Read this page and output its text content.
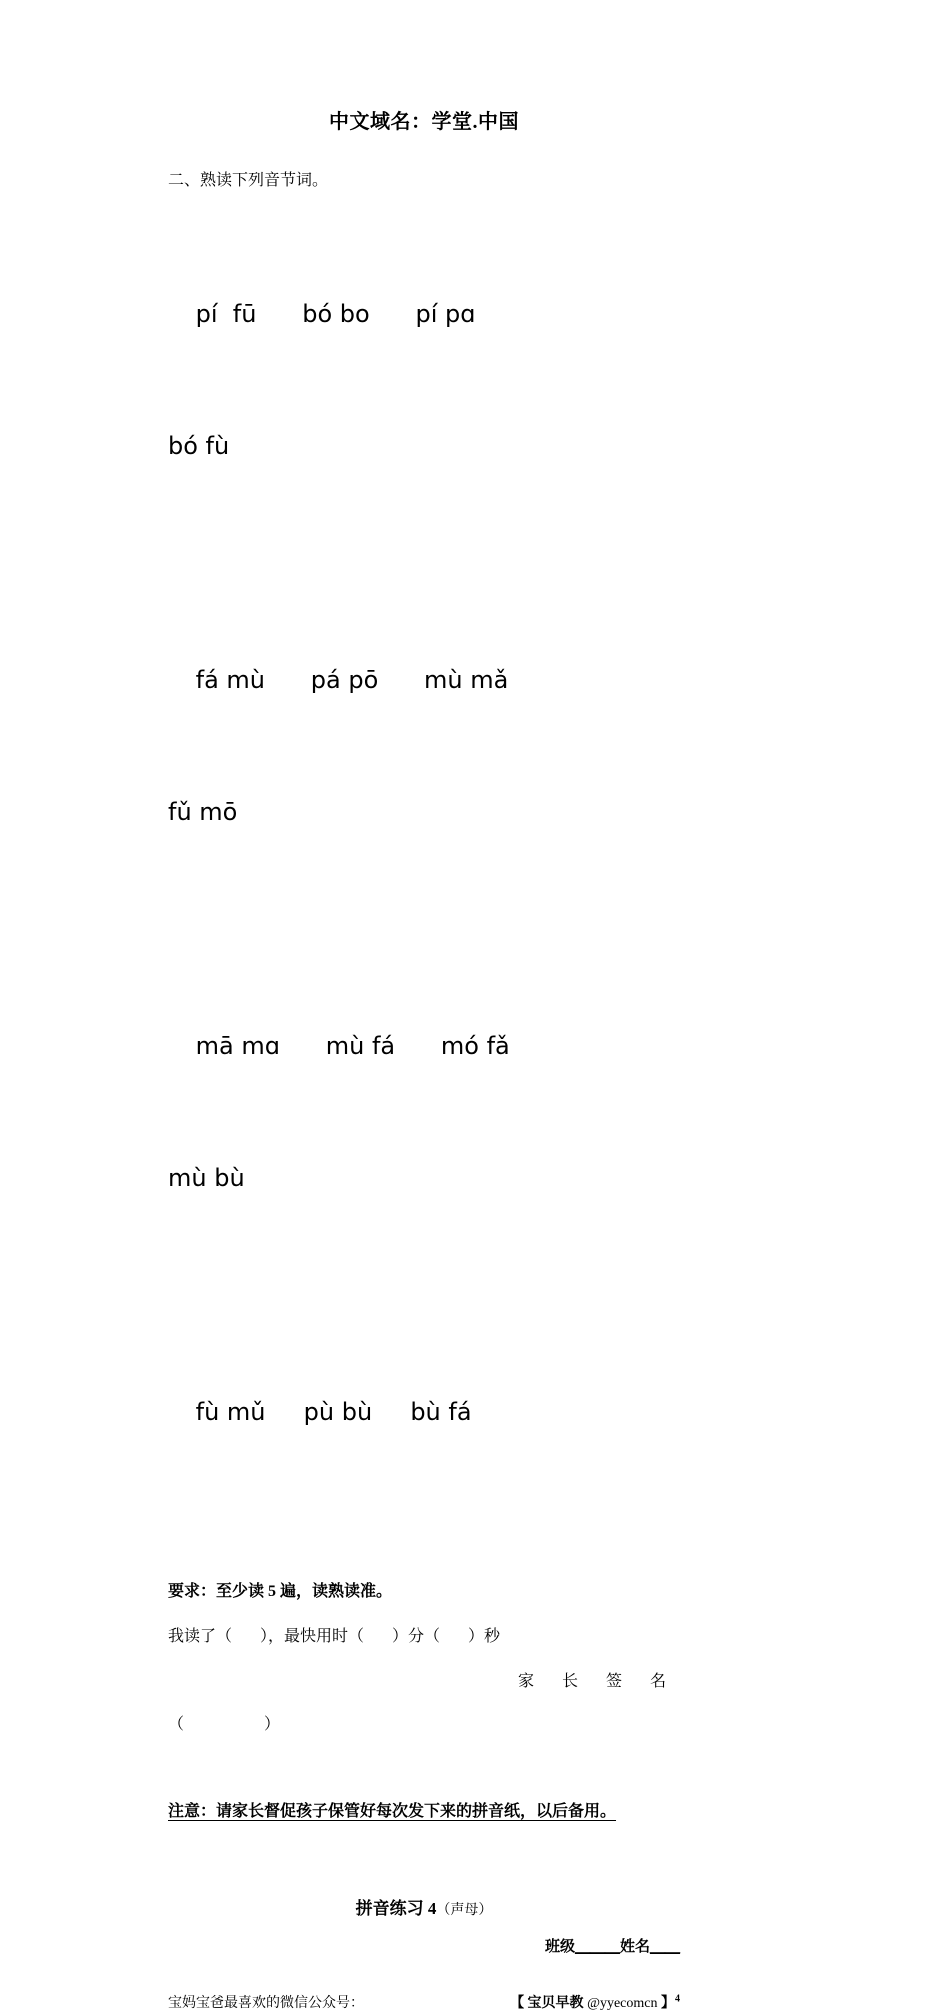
中文域名：学堂.中国
二、熟读下列音节词。

pí  fū      bó bo      pí pɑ

bó fù

fá mù      pá pō      mù mǎ

fǔ mō

mā mɑ      mù fá      mó fǎ

mù bù

fù mǔ     pù bù     bù fá

要求：至少读 5 遍，读熟读准。
我读了（       ），最快用时（       ）分（       ）秒
家 长 签 名
（                    ）
注意：请家长督促孩子保管好每次发下来的拼音纸，以后备用。
拼音练习 4（声母）
班级＿＿＿姓名＿＿
宝妈宝爸最喜欢的微信公众号：	【 宝贝早教 @yyecomcn 】$^4$
